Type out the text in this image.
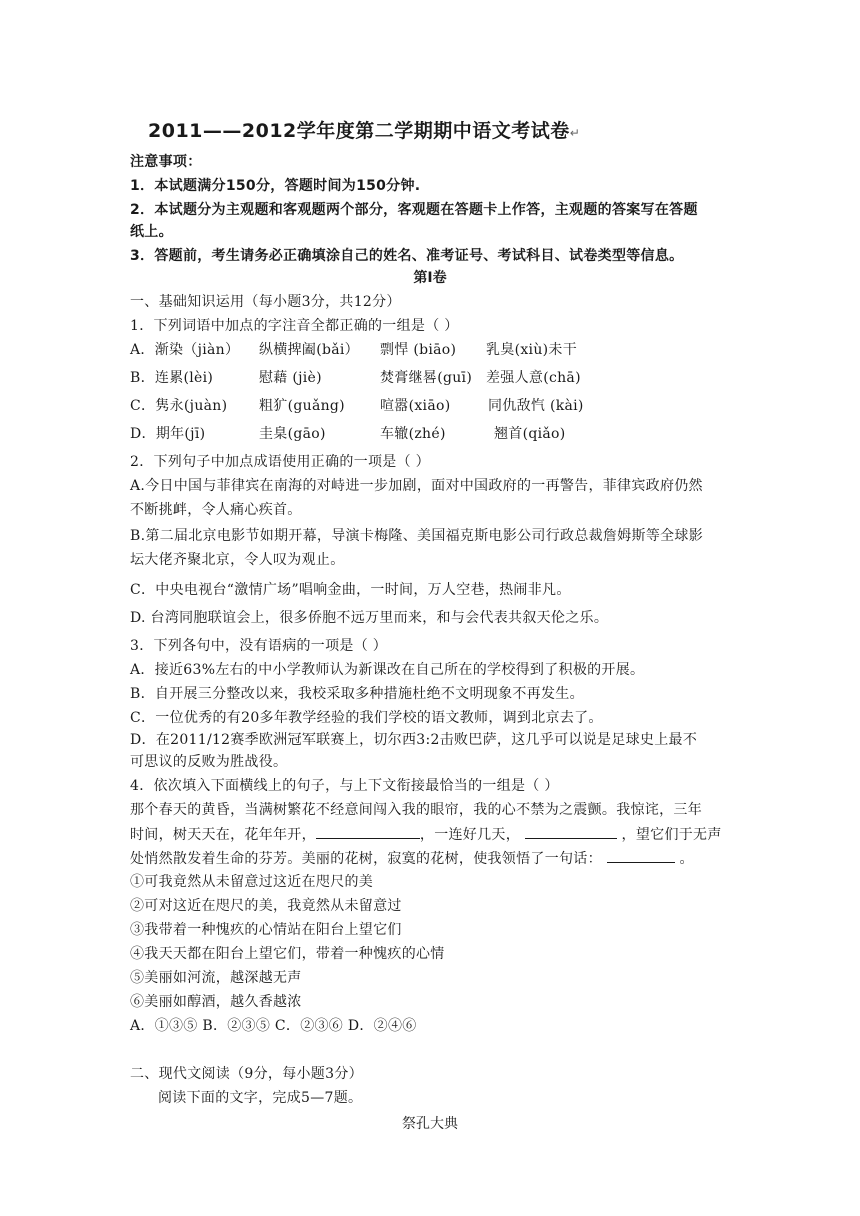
2011——2012学年度第二学期期中语文考试卷↵
注意事项：
1．本试题满分150分，答题时间为150分钟.
2．本试题分为主观题和客观题两个部分，客观题在答题卡上作答，主观题的答案写在答题
纸上。
3．答题前，考生请务必正确填涂自己的姓名、准考证号、考试科目、试卷类型等信息。
第Ⅰ卷
一、基础知识运用（每小题3分，共12分）
1．下列词语中加点的字注音全都正确的一组是（ ）
A．渐染（jiàn） 纵横捭阖(bǎi） 剽悍 (biāo) 乳臭(xiù)未干
B．连累(lèi)	慰藉 (jiè)	焚膏继晷(guī) 差强人意(chā)
C．隽永(juàn) 粗犷(guǎng)	喧嚣(xiāo)	同仇敌忾 (kài)
D．期年(jī)	圭臬(gāo)	车辙(zhé)	翘首(qiǎo)
2．下列句子中加点成语使用正确的一项是（ ）
A.今日中国与菲律宾在南海的对峙进一步加剧，面对中国政府的一再警告，菲律宾政府仍然
不断挑衅，令人痛心疾首。
B.第二届北京电影节如期开幕，导演卡梅隆、美国福克斯电影公司行政总裁詹姆斯等全球影
坛大佬齐聚北京，令人叹为观止。
C．中央电视台“激情广场”唱响金曲，一时间，万人空巷，热闹非凡。
D. 台湾同胞联谊会上，很多侨胞不远万里而来，和与会代表共叙天伦之乐。
3．下列各句中，没有语病的一项是（ ）
A．接近63%左右的中小学教师认为新课改在自己所在的学校得到了积极的开展。
B．自开展三分整改以来，我校采取多种措施杜绝不文明现象不再发生。
C．一位优秀的有20多年教学经验的我们学校的语文教师，调到北京去了。
D．在2011/12赛季欧洲冠军联赛上，切尔西3:2击败巴萨，这几乎可以说是足球史上最不
可思议的反败为胜战役。
4．依次填入下面横线上的句子，与上下文衔接最恰当的一组是（ ）
那个春天的黄昏，当满树繁花不经意间闯入我的眼帘，我的心不禁为之震颤。我惊诧，三年
时间，树天天在，花年年开，	，一连好几天，	，望它们于无声
处悄然散发着生命的芬芳。美丽的花树，寂寞的花树，使我领悟了一句话：	。
①可我竟然从未留意过这近在咫尺的美
②可对这近在咫尺的美，我竟然从未留意过
③我带着一种愧疚的心情站在阳台上望它们
④我天天都在阳台上望它们，带着一种愧疚的心情
⑤美丽如河流，越深越无声
⑥美丽如醇酒，越久香越浓
A．①③⑤ B．②③⑤ C．②③⑥ D．②④⑥
二、现代文阅读（9分，每小题3分）
阅读下面的文字，完成5—7题。
祭孔大典
